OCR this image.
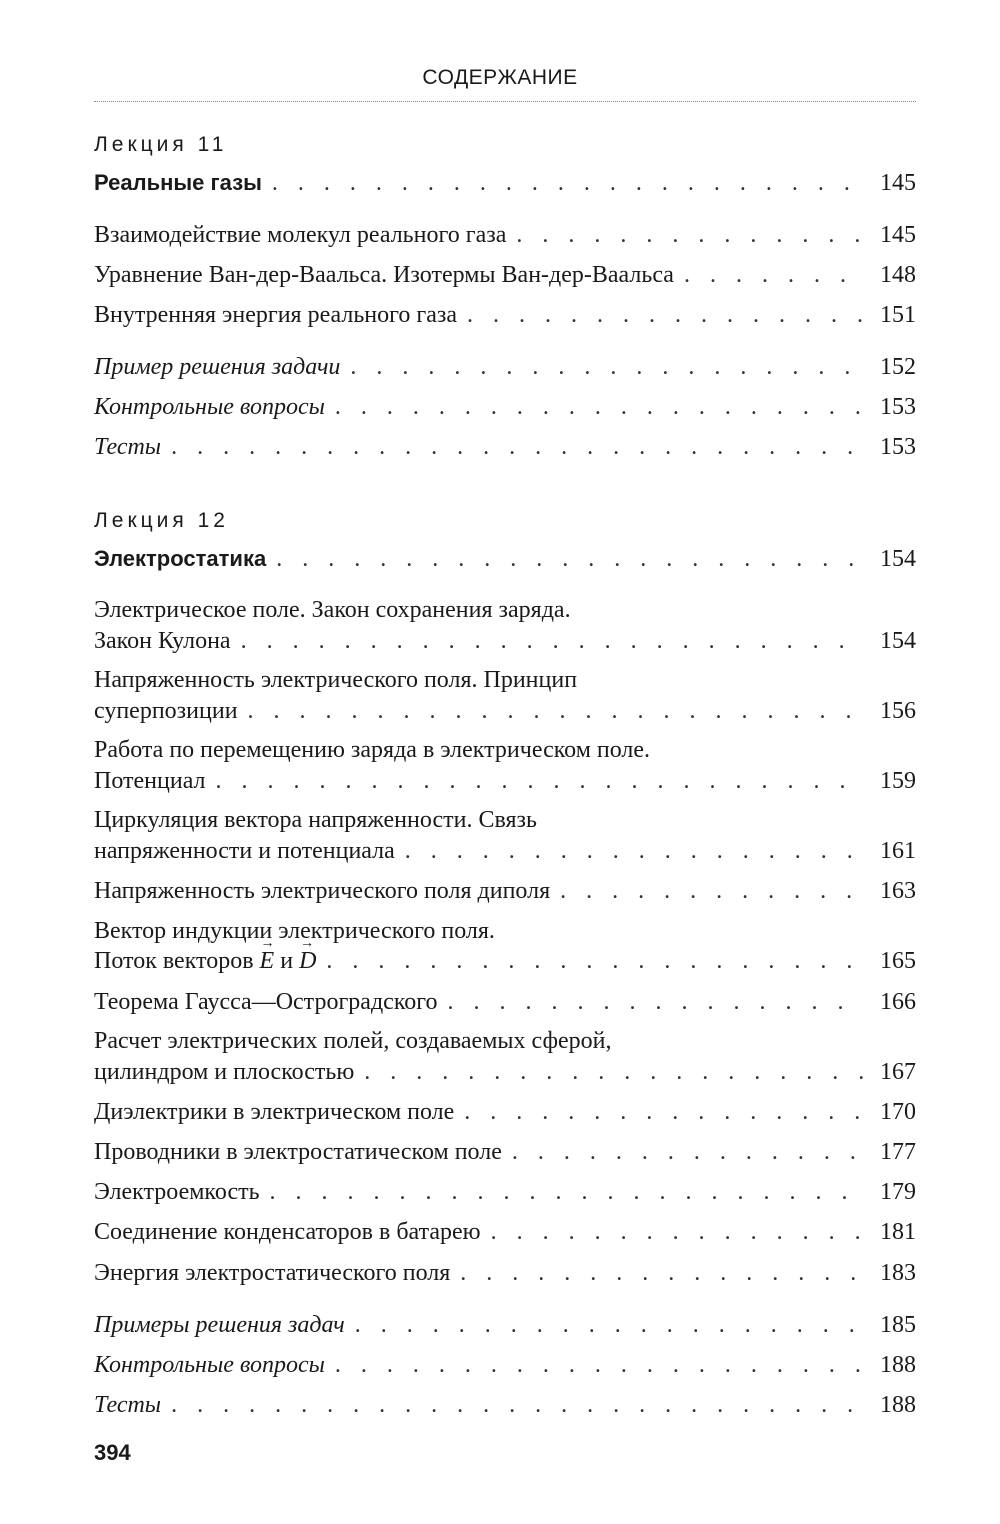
СОДЕРЖАНИЕ
Лекция 11
Реальные газы . . .	145
Взаимодействие молекул реального газа . . .	145
Уравнение Ван-дер-Ваальса. Изотермы Ван-дер-Ваальса . . .	148
Внутренняя энергия реального газа . . .	151
Пример решения задачи . . .	152
Контрольные вопросы . . .	153
Тесты . . .	153
Лекция 12
Электростатика . . .	154
Электрическое поле. Закон сохранения заряда.
Закон Кулона . . .	154
Напряженность электрического поля. Принцип
суперпозиции . . .	156
Работа по перемещению заряда в электрическом поле.
Потенциал . . .	159
Циркуляция вектора напряженности. Связь
напряженности и потенциала . . .	161
Напряженность электрического поля диполя . . .	163
Вектор индукции электрического поля.
Поток векторов E → и D → . . .	165
Теорема Гаусса—Остроградского . . .	166
Расчет электрических полей, создаваемых сферой,
цилиндром и плоскостью . . .	167
Диэлектрики в электрическом поле . . .	170
Проводники в электростатическом поле . . .	177
Электроемкость . . .	179
Соединение конденсаторов в батарею . . .	181
Энергия электростатического поля . . .	183
Примеры решения задач . . .	185
Контрольные вопросы . . .	188
Тесты . . .	188
394
